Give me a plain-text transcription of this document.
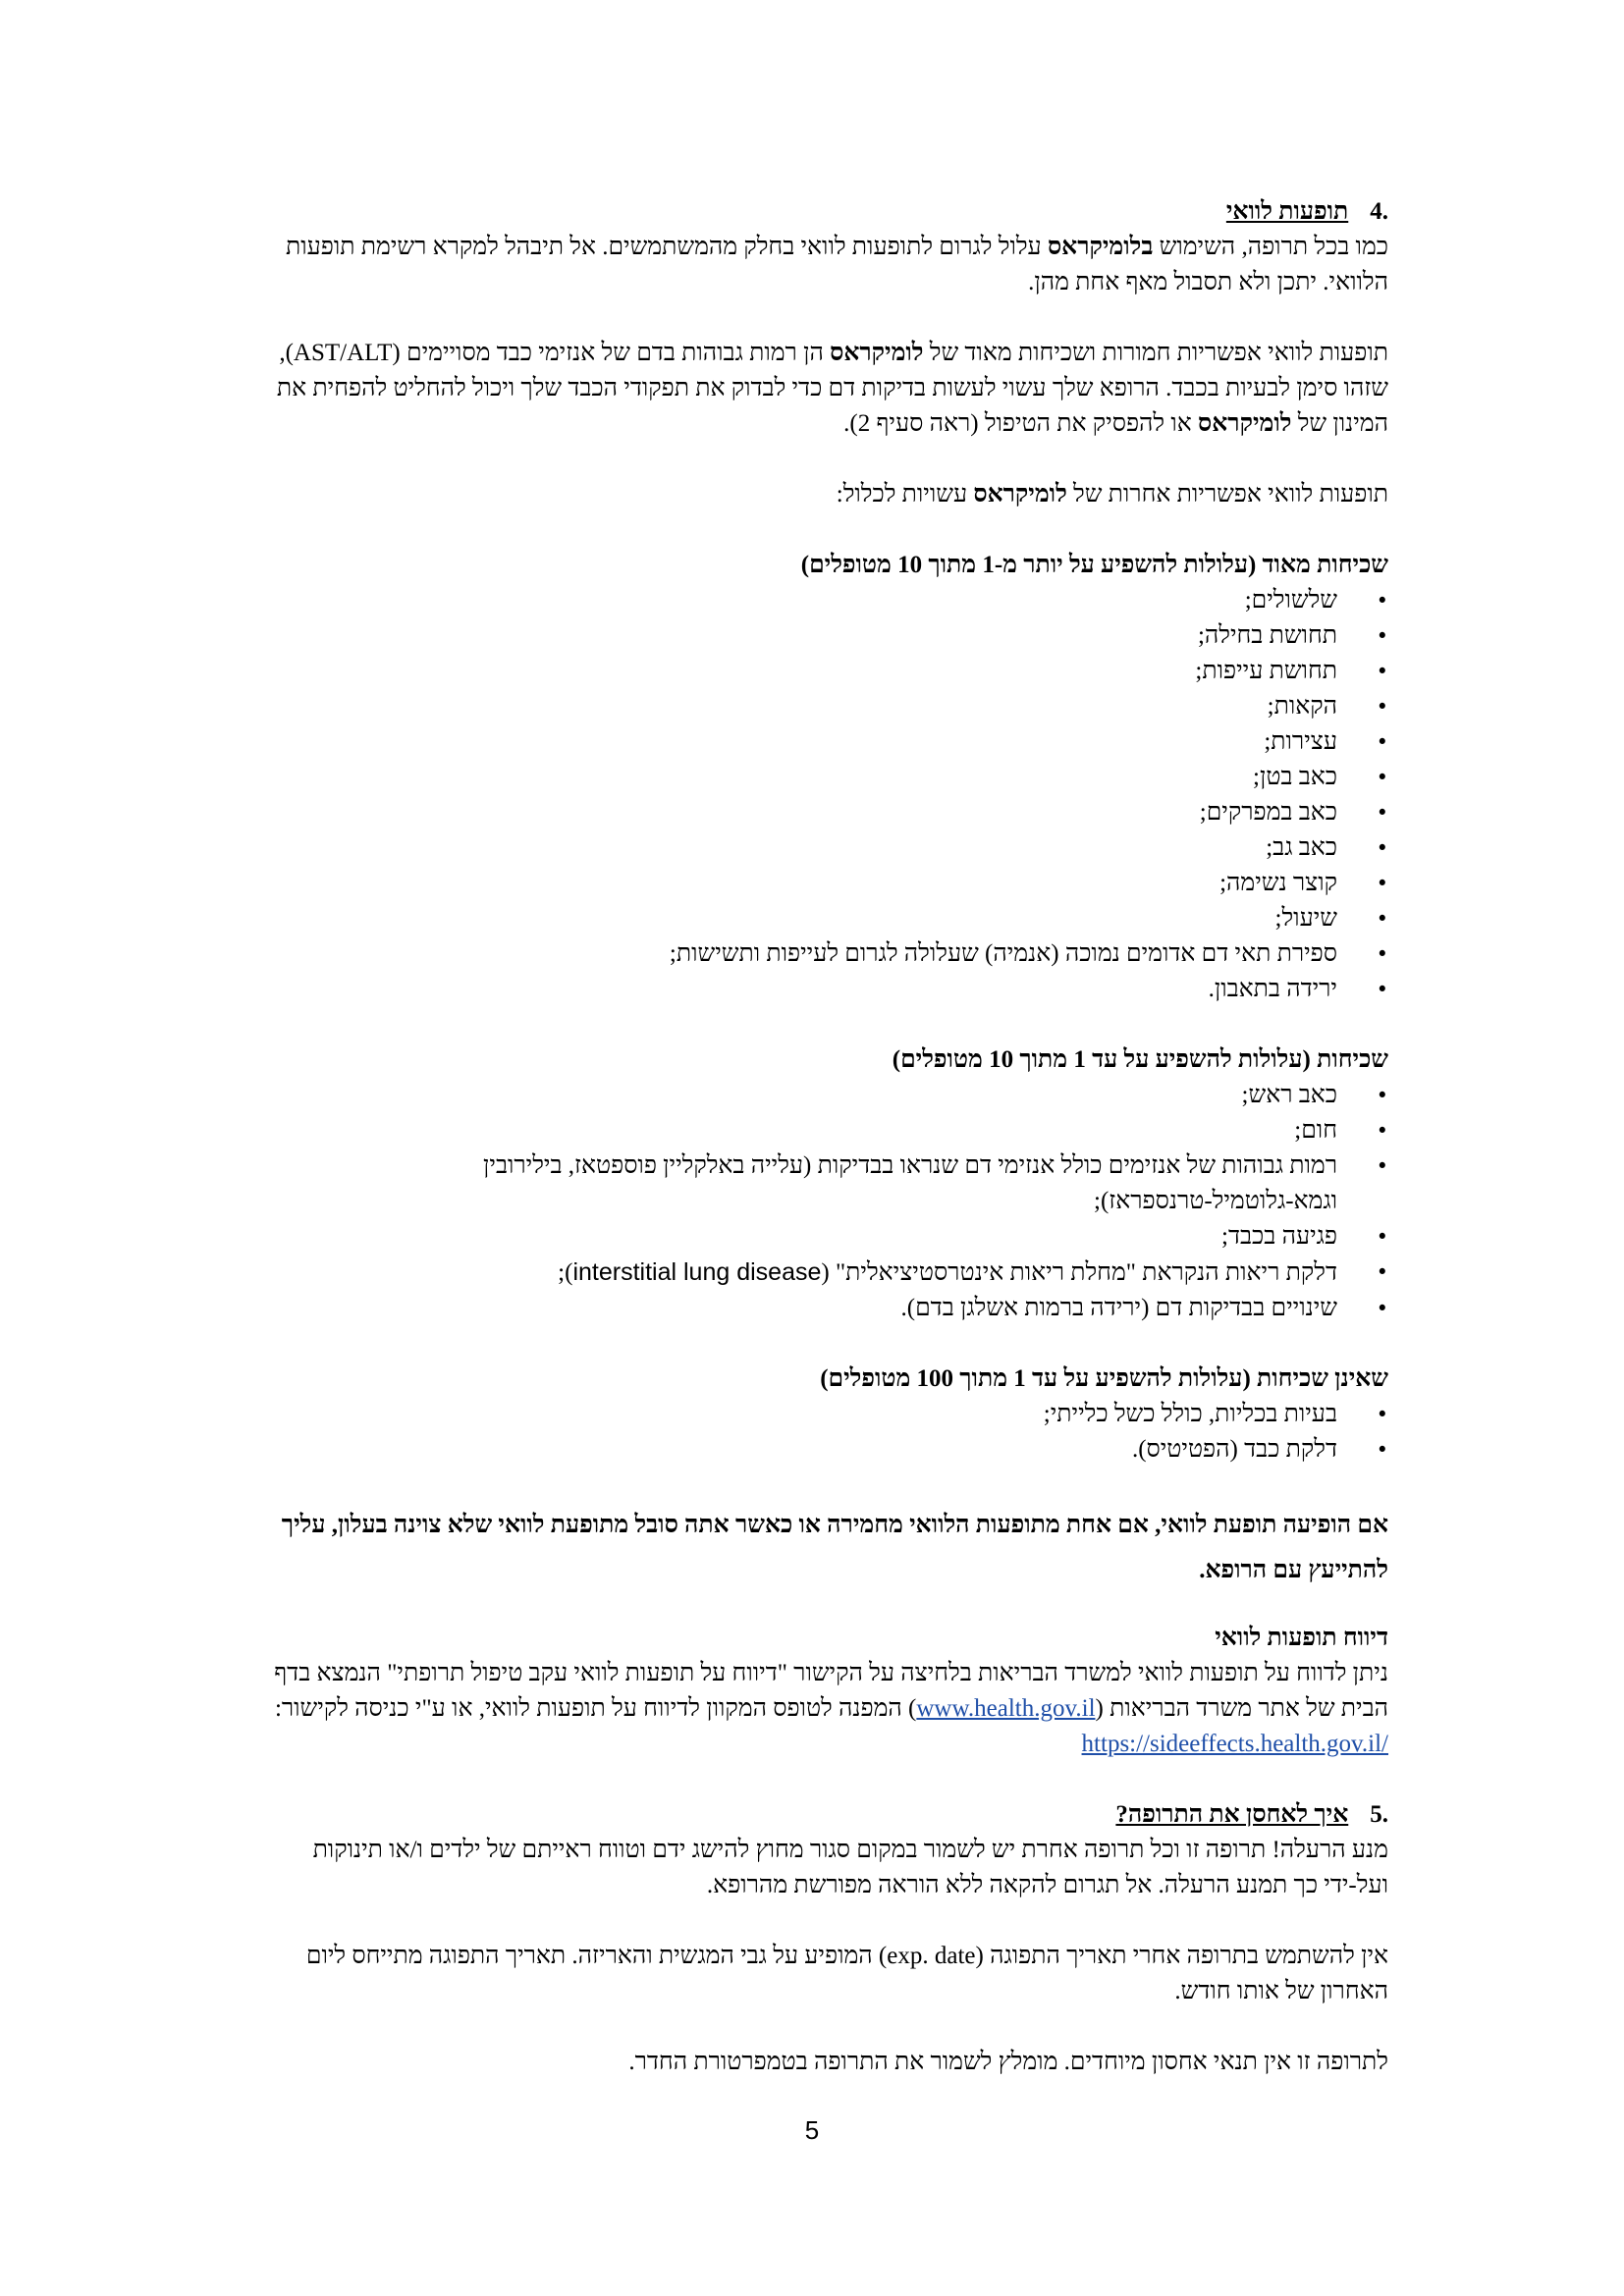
.4תופעות לוואי

כמו בכל תרופה, השימוש בלומיקראס עלול לגרום לתופעות לוואי בחלק מהמשתמשים. אל תיבהל למקרא רשימת תופעות הלוואי. יתכן ולא תסבול מאף אחת מהן.

תופעות לוואי אפשריות חמורות ושכיחות מאוד של לומיקראס הן רמות גבוהות בדם של אנזימי כבד מסויימים (AST/ALT), שזהו סימן לבעיות בכבד. הרופא שלך עשוי לעשות בדיקות דם כדי לבדוק את תפקודי הכבד שלך ויכול להחליט להפחית את המינון של לומיקראס או להפסיק את הטיפול (ראה סעיף 2).

תופעות לוואי אפשריות אחרות של לומיקראס עשויות לכלול:

שכיחות מאוד (עלולות להשפיע על יותר מ-1 מתוך 10 מטופלים)

• שלשולים;
• תחושת בחילה;
• תחושת עייפות;
• הקאות;
• עצירות;
• כאב בטן;
• כאב במפרקים;
• כאב גב;
• קוצר נשימה;
• שיעול;
• ספירת תאי דם אדומים נמוכה (אנמיה) שעלולה לגרום לעייפות ותשישות;
• ירידה בתאבון.

שכיחות (עלולות להשפיע על עד 1 מתוך 10 מטופלים)

• כאב ראש;
• חום;
• רמות גבוהות של אנזימים כולל אנזימי דם שנראו בבדיקות (עלייה באלקליין פוספטאז, בילירובין וגמא-גלוטמיל-טרנספראז);
• פגיעה בכבד;
• דלקת ריאות הנקראת "מחלת ריאות אינטרסטיציאלית" (interstitial lung disease);
• שינויים בבדיקות דם (ירידה ברמות אשלגן בדם).

שאינן שכיחות (עלולות להשפיע על עד 1 מתוך 100 מטופלים)

• בעיות בכליות, כולל כשל כלייתי;
• דלקת כבד (הפטיטיס).

אם הופיעה תופעת לוואי, אם אחת מתופעות הלוואי מחמירה או כאשר אתה סובל מתופעת לוואי שלא צוינה בעלון, עליך להתייעץ עם הרופא.

דיווח תופעות לוואי

ניתן לדווח על תופעות לוואי למשרד הבריאות בלחיצה על הקישור "דיווח על תופעות לוואי עקב טיפול תרופתי" הנמצא בדף הבית של אתר משרד הבריאות (www.health.gov.il) המפנה לטופס המקוון לדיווח על תופעות לוואי, או ע"י כניסה לקישור: https://sideeffects.health.gov.il/

.5איך לאחסן את התרופה?

מנע הרעלה! תרופה זו וכל תרופה אחרת יש לשמור במקום סגור מחוץ להישג ידם וטווח ראייתם של ילדים ו/או תינוקות ועל-ידי כך תמנע הרעלה. אל תגרום להקאה ללא הוראה מפורשת מהרופא.

אין להשתמש בתרופה אחרי תאריך התפוגה (exp. date) המופיע על גבי המגשית והאריזה. תאריך התפוגה מתייחס ליום האחרון של אותו חודש.

לתרופה זו אין תנאי אחסון מיוחדים. מומלץ לשמור את התרופה בטמפרטורת החדר.

5
